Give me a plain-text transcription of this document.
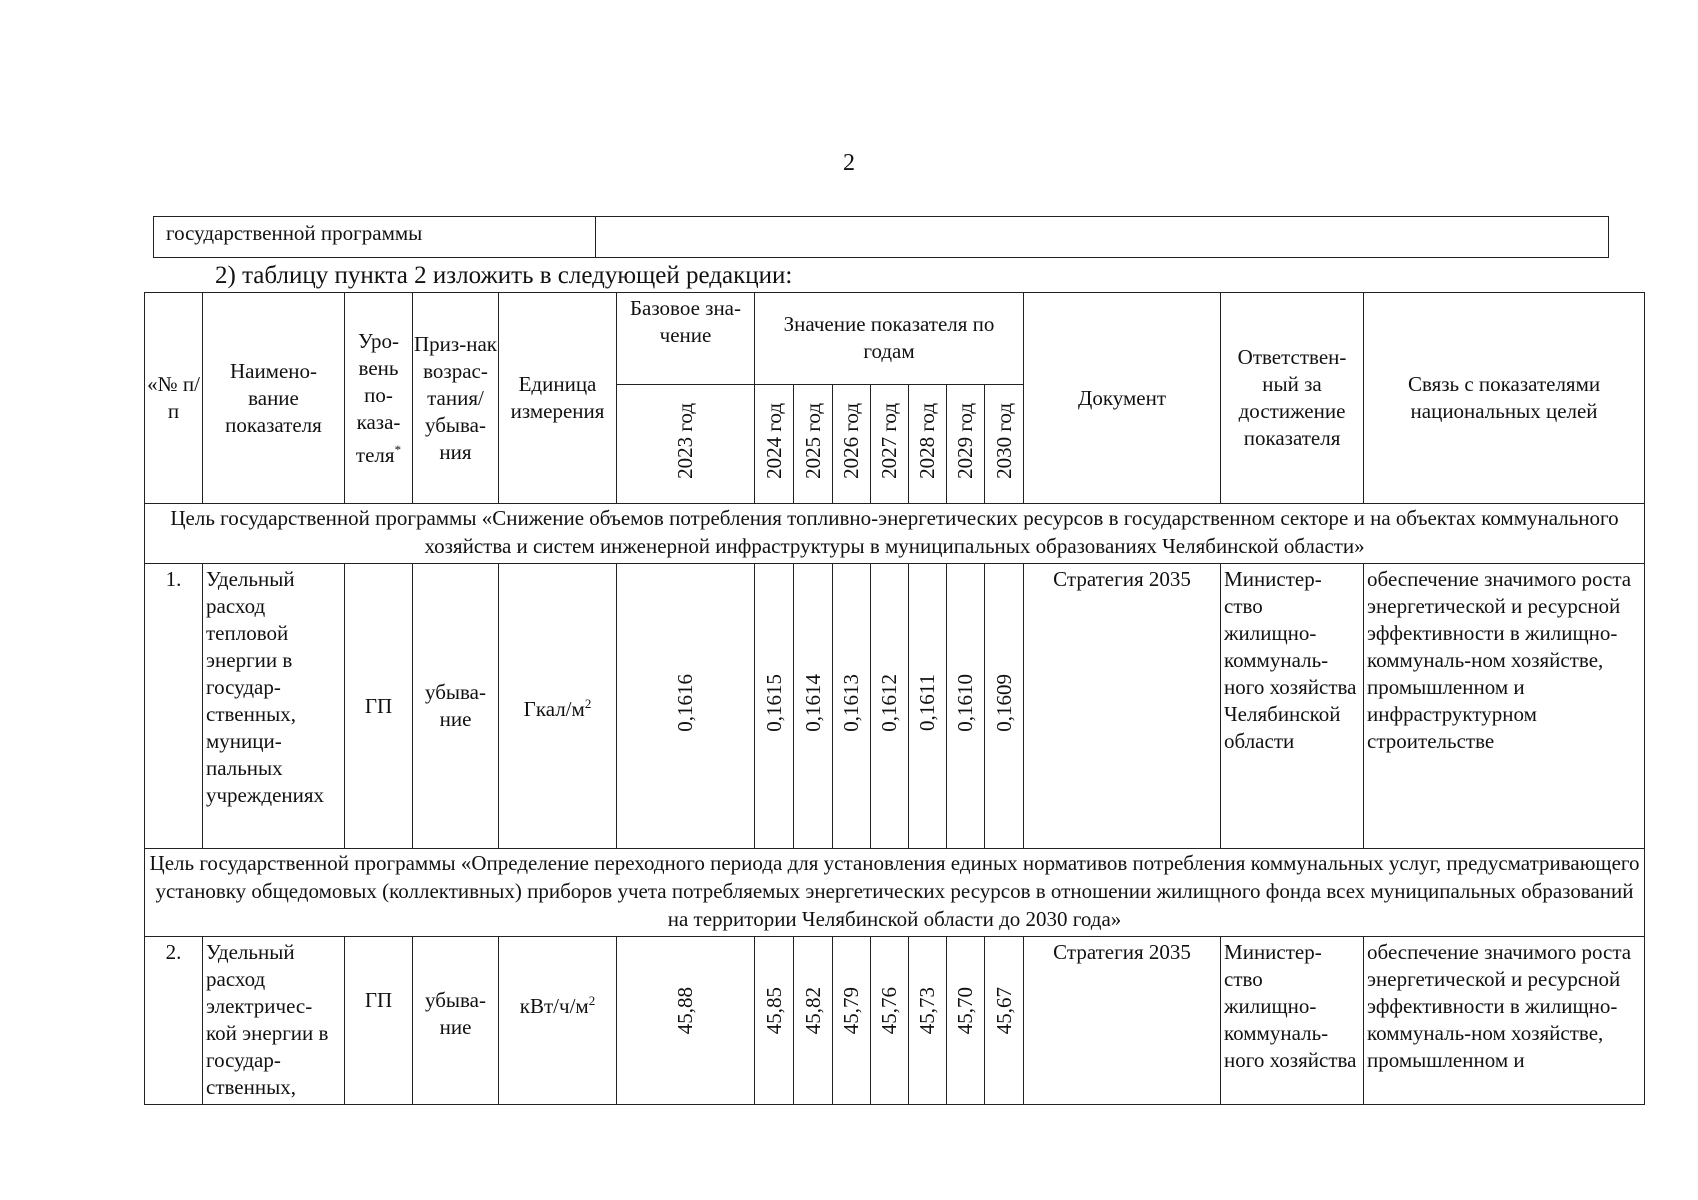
2
государственной программы
2) таблицу пункта 2 изложить в следующей редакции:
«№ п/п	Наимено-вание показателя	Уро-вень по-каза-теля*	Приз-нак возрас-тания/ убыва-ния	Единица измерения	Базовое зна-чение	Значение показателя по годам							Документ	Ответствен-ный за достижение показателя	Связь с показателями национальных целей
					2023 год	2024 год	2025 год	2026 год	2027 год	2028 год	2029 год	2030 год			
Цель государственной программы «Снижение объемов потребления топливно-энергетических ресурсов в государственном секторе и на объектах коммунального хозяйства и систем инженерной инфраструктуры в муниципальных образованиях Челябинской области»															
1.	Удельный расход тепловой энергии в государ-ственных, муници-пальных учреждениях	ГП	убыва-ние	Гкал/$м^2$	0,1616	0,1615	0,1614	0,1613	0,1612	0,1611	0,1610	0,1609	Стратегия 2035	Министер-ство жилищно-коммуналь-ного хозяйства Челябинской области	обеспечение значимого роста энергетической и ресурсной эффективности в жилищно-коммуналь-ном хозяйстве, промышленном и инфраструктурном строительстве
Цель государственной программы «Определение переходного периода для установления единых нормативов потребления коммунальных услуг, предусматривающего установку общедомовых (коллективных) приборов учета потребляемых энергетических ресурсов в отношении жилищного фонда всех муниципальных образований на территории Челябинской области до 2030 года»															
2.	Удельный расход электричес-кой энергии в государ-ственных,	ГП	убыва-ние	кВт/$ч/м^2$	45,88	45,85	45,82	45,79	45,76	45,73	45,70	45,67	Стратегия 2035	Министер-ство жилищно-коммуналь-ного хозяйства	обеспечение значимого роста энергетической и ресурсной эффективности в жилищно-коммуналь-ном хозяйстве, промышленном и
